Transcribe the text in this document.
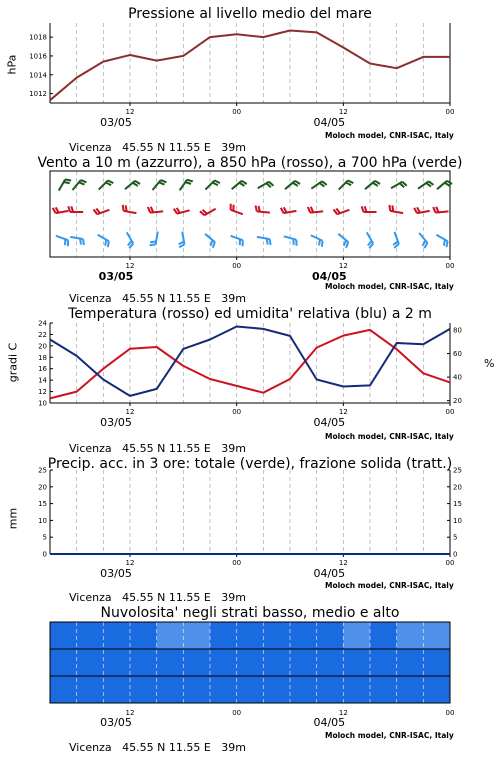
Pressione al livello medio del mare
hPa
12
03/05
00	12
04/05
00
1012
1014
1016
1018

Vicenza 45.55 N 11.55 E 39m

Moloch model, CNR-ISAC, Italy
Vento a 10 m (azzurro), a 850 hPa (rosso), a 700 hPa (verde)
12
03/05
00	12
04/05
00

Vicenza 45.55 N 11.55 E 39m

Moloch model, CNR-ISAC, Italy
Temperatura (rosso) ed umidita' relativa (blu) a 2 m
gradi C	%
12
03/05
00	12
04/05
00
10
12
14
16
18
20
22
24
20
40
60
80

Vicenza 45.55 N 11.55 E 39m

Moloch model, CNR-ISAC, Italy
Precip. acc. in 3 ore: totale (verde), frazione solida (tratt.)
mm
12
03/05
00	12
04/05
00
0
5
10
15
20
25
0
5
10
15
20
25

Vicenza 45.55 N 11.55 E 39m

Moloch model, CNR-ISAC, Italy
Nuvolosita' negli strati basso, medio e alto
12
03/05
00	12
04/05
00

Vicenza 45.55 N 11.55 E 39m

Moloch model, CNR-ISAC, Italy
